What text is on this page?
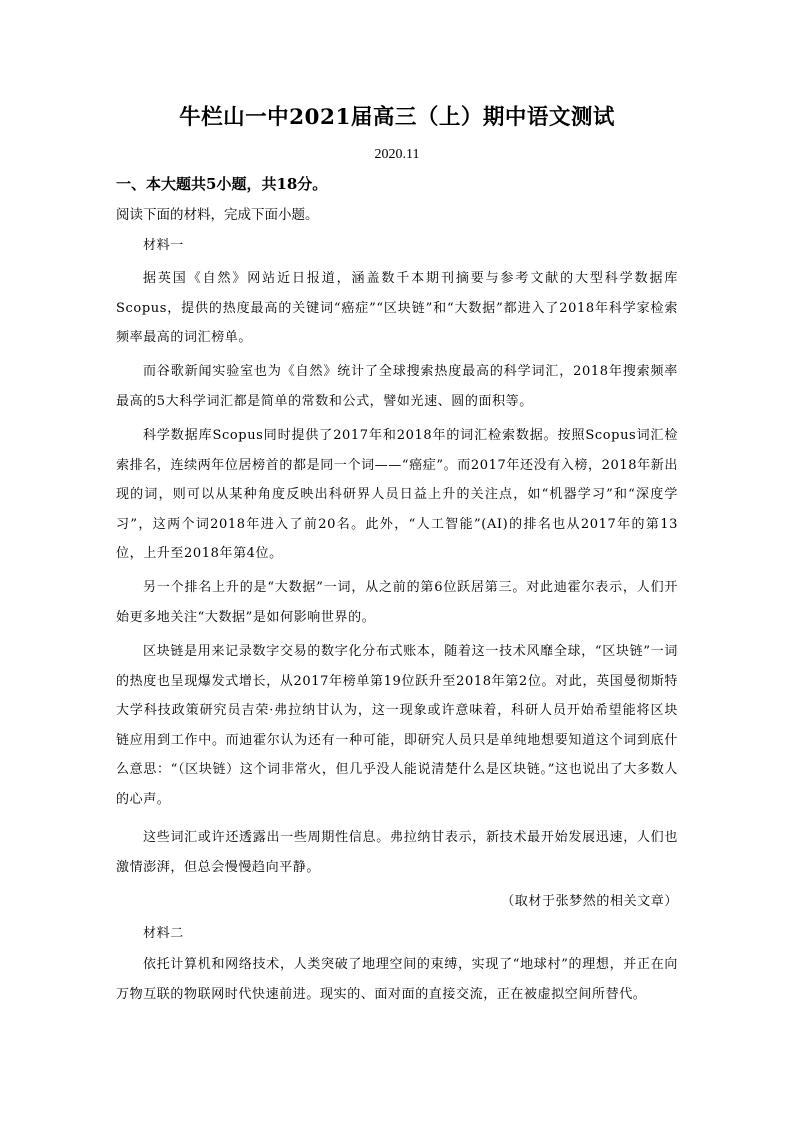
牛栏山一中2021届高三（上）期中语文测试
2020.11
一、本大题共5小题，共18分。
阅读下面的材料，完成下面小题。
材料一

据英国《自然》网站近日报道，涵盖数千本期刊摘要与参考文献的大型科学数据库Scopus，提供的热度最高的关键词“癌症”“区块链”和“大数据”都进入了2018年科学家检索频率最高的词汇榜单。

而谷歌新闻实验室也为《自然》统计了全球搜索热度最高的科学词汇，2018年搜索频率最高的5大科学词汇都是简单的常数和公式，譬如光速、圆的面积等。

科学数据库Scopus同时提供了2017年和2018年的词汇检索数据。按照Scopus词汇检索排名，连续两年位居榜首的都是同一个词——“癌症”。而2017年还没有入榜，2018年新出现的词，则可以从某种角度反映出科研界人员日益上升的关注点，如“机器学习”和“深度学习”，这两个词2018年进入了前20名。此外，“人工智能”(AI)的排名也从2017年的第13位，上升至2018年第4位。

另一个排名上升的是“大数据”一词，从之前的第6位跃居第三。对此迪霍尔表示，人们开始更多地关注“大数据”是如何影响世界的。

区块链是用来记录数字交易的数字化分布式账本，随着这一技术风靡全球，“区块链”一词的热度也呈现爆发式增长，从2017年榜单第19位跃升至2018年第2位。对此，英国曼彻斯特大学科技政策研究员吉荣·弗拉纳甘认为，这一现象或许意味着，科研人员开始希望能将区块链应用到工作中。而迪霍尔认为还有一种可能，即研究人员只是单纯地想要知道这个词到底什么意思：“（区块链）这个词非常火，但几乎没人能说清楚什么是区块链。”这也说出了大多数人的心声。

这些词汇或许还透露出一些周期性信息。弗拉纳甘表示，新技术最开始发展迅速，人们也激情澎湃，但总会慢慢趋向平静。

（取材于张梦然的相关文章）
材料二

依托计算机和网络技术，人类突破了地理空间的束缚，实现了“地球村”的理想，并正在向万物互联的物联网时代快速前进。现实的、面对面的直接交流，正在被虚拟空间所替代。
